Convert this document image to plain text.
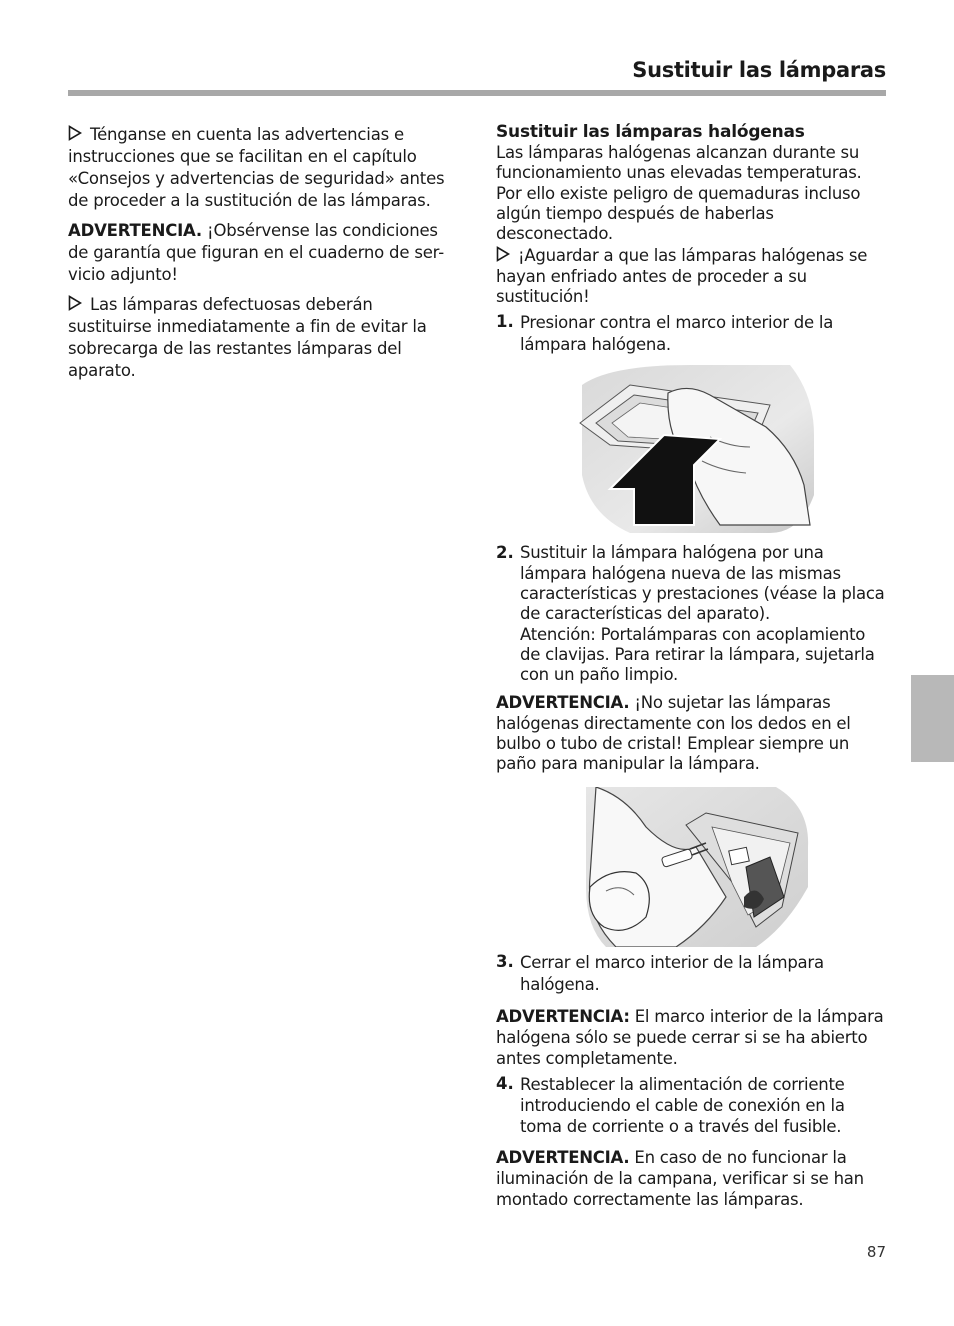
Sustituir las lámparas

Ténganse en cuenta las advertencias e instrucciones que se facilitan en el capítulo «Consejos y advertencias de seguridad» antes de proceder a la sustitución de las lámparas.

ADVERTENCIA. ¡Obsérvense las condiciones de garantía que figuran en el cuaderno de ser-vicio adjunto!

Las lámparas defectuosas deberán sustituirse inmediatamente a fin de evitar la sobrecarga de las restantes lámparas del aparato.

Sustituir las lámparas halógenas

Las lámparas halógenas alcanzan durante su funcionamiento unas elevadas temperaturas. Por ello existe peligro de quemaduras incluso algún tiempo después de haberlas desconectado.

¡Aguardar a que las lámparas halógenas se hayan enfriado antes de proceder a su sustitución!

1. Presionar contra el marco interior de la lámpara halógena.
2. Sustituir la lámpara halógena por una lámpara halógena nueva de las mismas características y prestaciones (véase la placa de características del aparato).
Atención: Portalámparas con acoplamiento de clavijas. Para retirar la lámpara, sujetarla con un paño limpio.

ADVERTENCIA. ¡No sujetar las lámparas halógenas directamente con los dedos en el bulbo o tubo de cristal! Emplear siempre un paño para manipular la lámpara.

3. Cerrar el marco interior de la lámpara halógena.

ADVERTENCIA: El marco interior de la lámpara halógena sólo se puede cerrar si se ha abierto antes completamente.

4. Restablecer la alimentación de corriente introduciendo el cable de conexión en la toma de corriente o a través del fusible.

ADVERTENCIA. En caso de no funcionar la iluminación de la campana, verificar si se han montado correctamente las lámparas.

87
